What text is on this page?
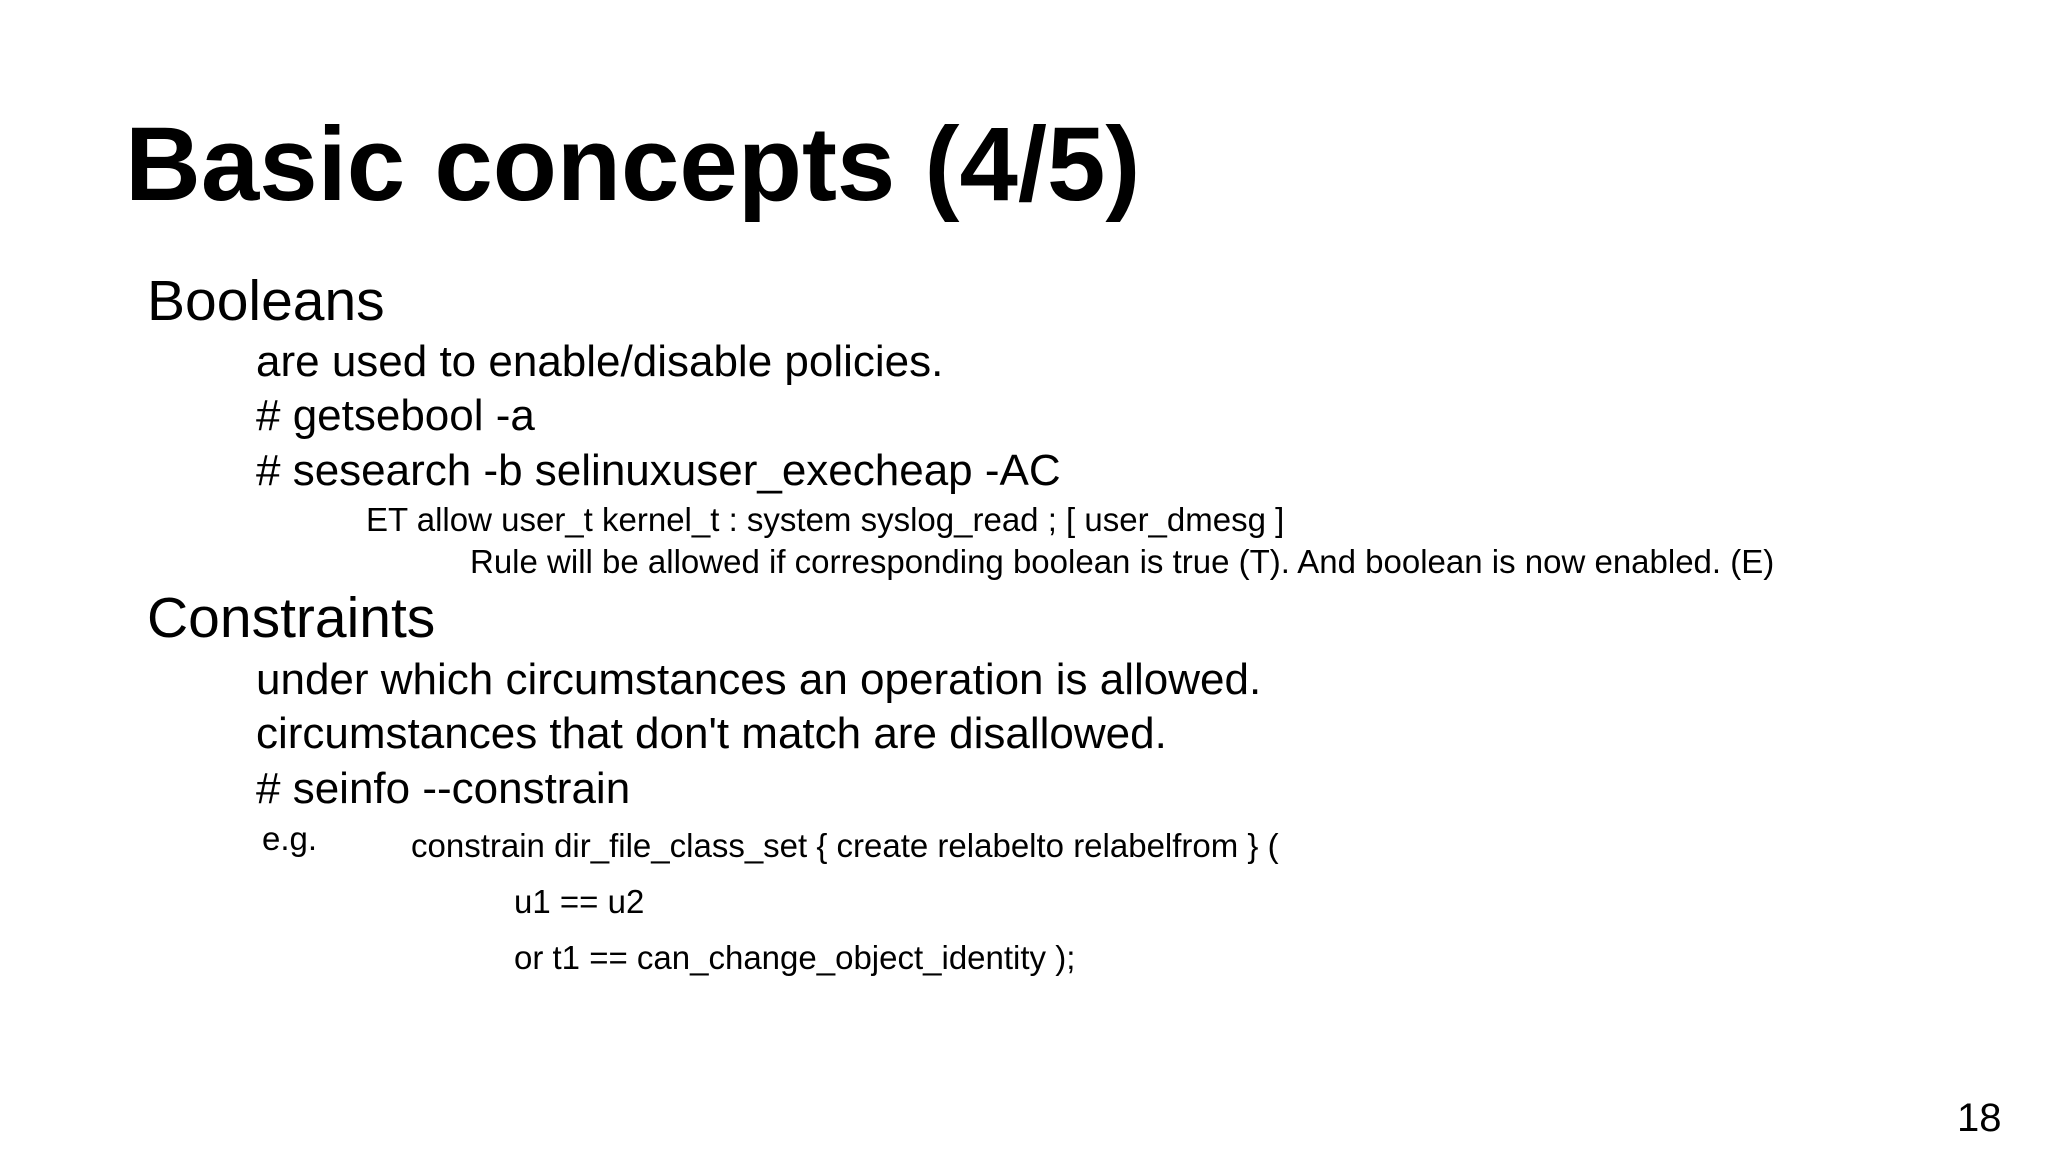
Basic concepts (4/5)
Booleans
are used to enable/disable policies.
# getsebool -a
# sesearch -b selinuxuser_execheap -AC
ET allow user_t kernel_t : system syslog_read ; [ user_dmesg ]
Rule will be allowed if corresponding boolean is true (T). And boolean is now enabled. (E)
Constraints
under which circumstances an operation is allowed.
circumstances that don't match are disallowed.
# seinfo --constrain
e.g.	constrain dir_file_class_set { create relabelto relabelfrom } (
u1 == u2
or t1 == can_change_object_identity );
18
